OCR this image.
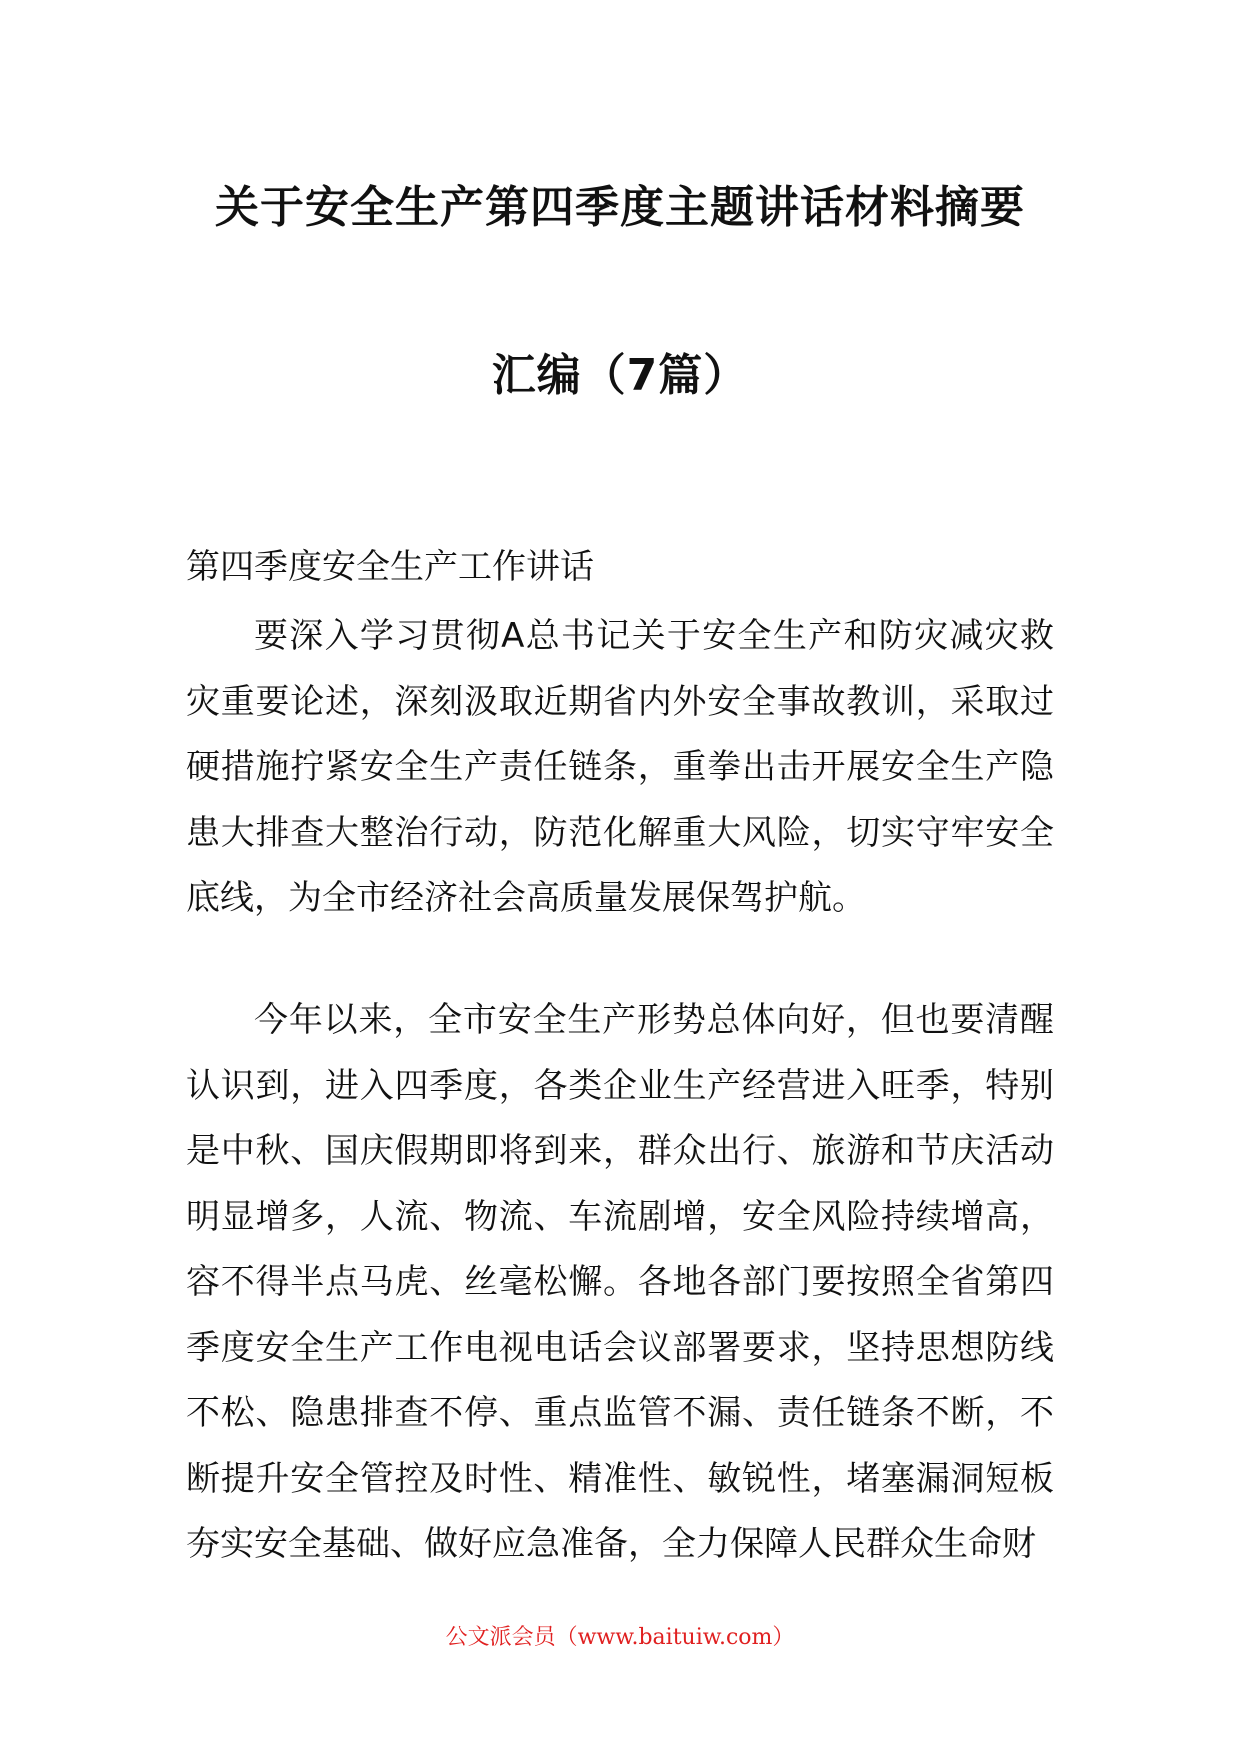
关于安全生产第四季度主题讲话材料摘要
汇编（7篇）
第四季度安全生产工作讲话

要深入学习贯彻A总书记关于安全生产和防灾减灾救灾重要论述，深刻汲取近期省内外安全事故教训，采取过硬措施拧紧安全生产责任链条，重拳出击开展安全生产隐患大排查大整治行动，防范化解重大风险，切实守牢安全底线，为全市经济社会高质量发展保驾护航。

今年以来，全市安全生产形势总体向好，但也要清醒认识到，进入四季度，各类企业生产经营进入旺季，特别是中秋、国庆假期即将到来，群众出行、旅游和节庆活动明显增多，人流、物流、车流剧增，安全风险持续增高，容不得半点马虎、丝毫松懈。各地各部门要按照全省第四季度安全生产工作电视电话会议部署要求，坚持思想防线不松、隐患排查不停、重点监管不漏、责任链条不断，不断提升安全管控及时性、精准性、敏锐性，堵塞漏洞短板夯实安全基础、做好应急准备，全力保障人民群众生命财

公文派会员（www.baituiw.com）
